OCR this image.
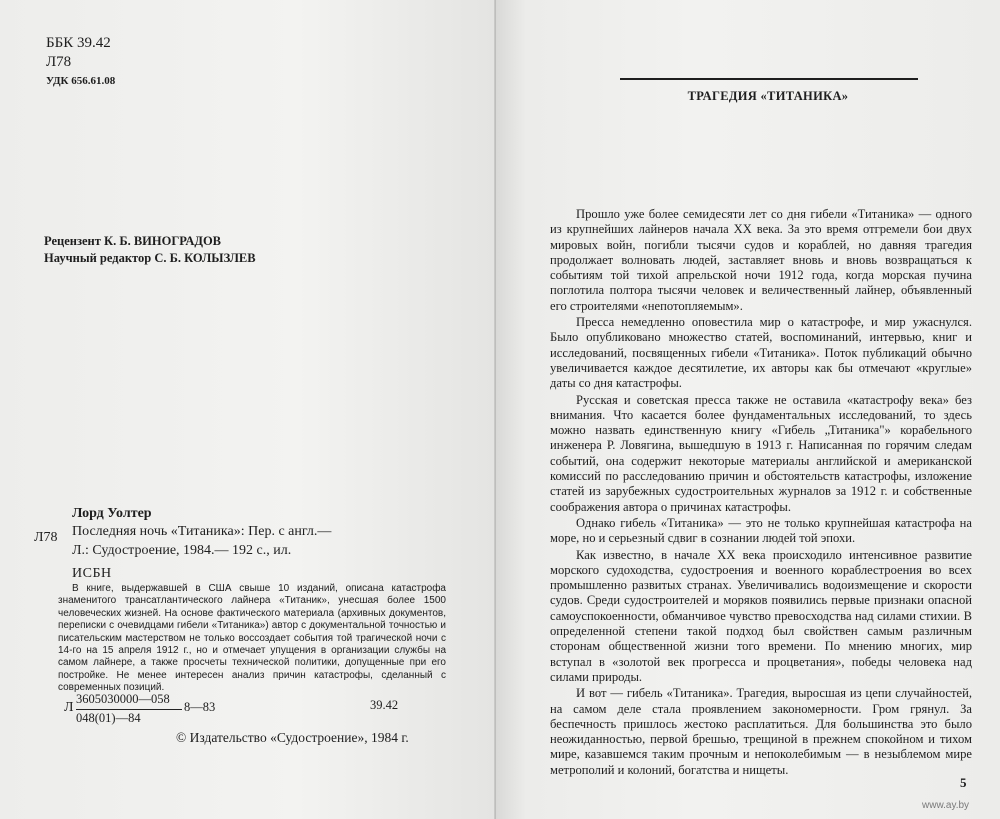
ББК 39.42
Л78
УДК 656.61.08
Рецензент К. Б. ВИНОГРАДОВ
Научный редактор С. Б. КОЛЫЗЛЕВ
Лорд Уолтер
Л78 Последняя ночь «Титаника»: Пер. с англ.—
Л.: Судостроение, 1984.— 192 с., ил.
ИСБН
В книге, выдержавшей в США свыше 10 изданий, описана катастрофа знаменитого трансатлантического лайнера «Титаник», унесшая более 1500 человеческих жизней. На основе фактического материала (архивных документов, переписки с очевидцами гибели «Титаника») автор с документальной точностью и писательским мастерством не только воссоздает события той трагической ночи с 14-го на 15 апреля 1912 г., но и отмечает упущения в организации службы на самом лайнере, а также просчеты технической политики, допущенные при его постройке. Не менее интересен анализ причин катастрофы, сделанный с современных позиций.
Л
3605030000—058
048(01)—84
8—83	39.42
© Издательство «Судостроение», 1984 г.
ТРАГЕДИЯ «ТИТАНИКА»

Прошло уже более семидесяти лет со дня гибели «Титаника» — одного из крупнейших лайнеров начала XX века. За это время отгремели бои двух мировых войн, погибли тысячи судов и кораблей, но давняя трагедия продолжает волновать людей, заставляет вновь и вновь возвращаться к событиям той тихой апрельской ночи 1912 года, когда морская пучина поглотила полтора тысячи человек и величественный лайнер, объявленный его строителями «непотопляемым».

Пресса немедленно оповестила мир о катастрофе, и мир ужаснулся. Было опубликовано множество статей, воспоминаний, интервью, книг и исследований, посвященных гибели «Титаника». Поток публикаций обычно увеличивается каждое десятилетие, их авторы как бы отмечают «круглые» даты со дня катастрофы.

Русская и советская пресса также не оставила «катастрофу века» без внимания. Что касается более фундаментальных исследований, то здесь можно назвать единственную книгу «Гибель „Титаника"» корабельного инженера Р. Ловягина, вышедшую в 1913 г. Написанная по горячим следам событий, она содержит некоторые материалы английской и американской комиссий по расследованию причин и обстоятельств катастрофы, изложение статей из зарубежных судостроительных журналов за 1912 г. и собственные соображения автора о причинах катастрофы.

Однако гибель «Титаника» — это не только крупнейшая катастрофа на море, но и серьезный сдвиг в сознании людей той эпохи.

Как известно, в начале XX века происходило интенсивное развитие морского судоходства, судостроения и военного кораблестроения во всех промышленно развитых странах. Увеличивались водоизмещение и скорости судов. Среди судостроителей и моряков появились первые признаки опасной самоуспокоенности, обманчивое чувство превосходства над силами стихии. В определенной степени такой подход был свойствен самым различным сторонам общественной жизни того времени. По мнению многих, мир вступал в «золотой век прогресса и процветания», победы человека над силами природы.

И вот — гибель «Титаника». Трагедия, выросшая из цепи случайностей, на самом деле стала проявлением закономерности. Гром грянул. За беспечность пришлось жестоко расплатиться. Для большинства это было неожиданностью, первой брешью, трещиной в прежнем спокойном и тихом мире, казавшемся таким прочным и непоколебимым — в незыблемом мире метрополий и колоний, богатства и нищеты.

5
www.ay.by
